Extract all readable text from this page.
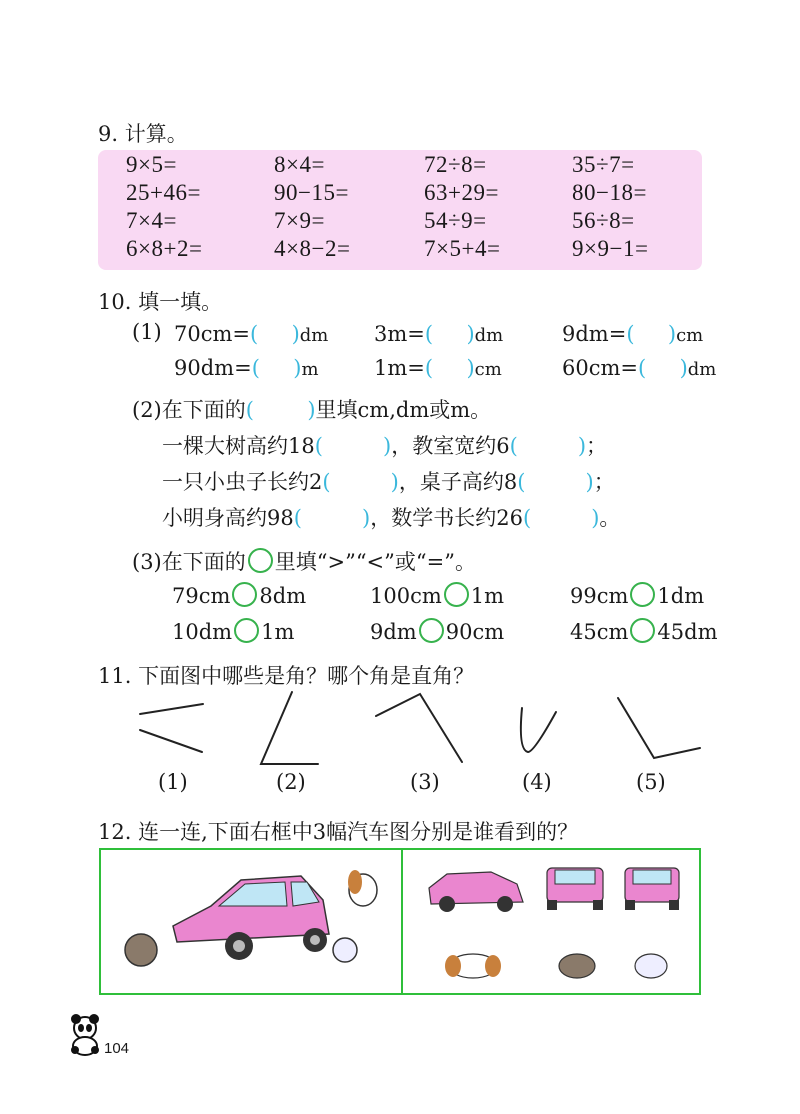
9. 计算。
9×5=	8×4=	72÷8=	35÷7=
25+46=	90−15=	63+29=	80−18=
7×4=	7×9=	54÷9=	56÷8=
6×8+2=	4×8−2=	7×5+4=	9×9−1=
10. 填一填。
(1) 70cm=(     )dm 3m=(     )dm	9dm=(     )cm
90dm=(     )m	1m=(     )cm	60cm=(     )dm
(2)在下面的(        )里填cm,dm或m。
一棵大树高约18(         )，教室宽约6(         )；
一只小虫子长约2(         )，桌子高约8(         )；
小明身高约98(         )，数学书长约26(         )。
(3)在下面的 里填“>”“<”或“=”。
79cm 8dm	100cm 1m	99cm 1dm
10dm 1m	9dm 90cm	45cm 45dm
11. 下面图中哪些是角？哪个角是直角？
(1)	(2)	(3)	(4)	(5)
12. 连一连,下面右框中3幅汽车图分别是谁看到的？
104
